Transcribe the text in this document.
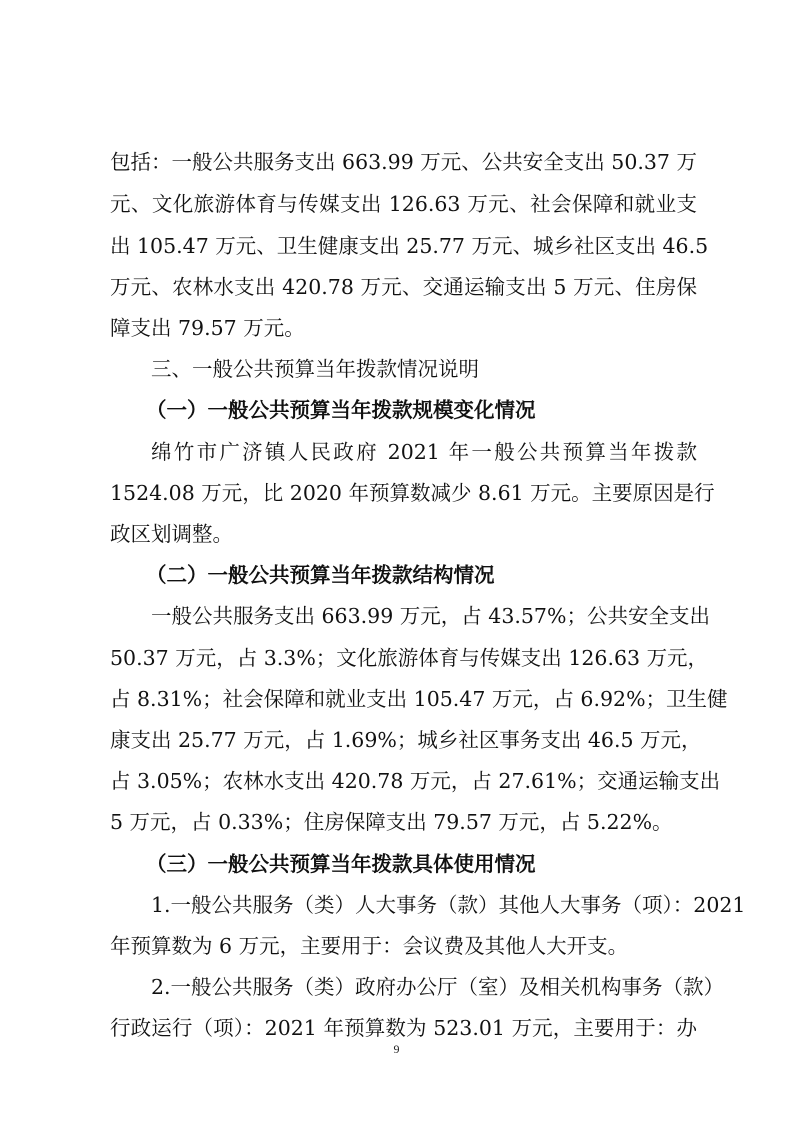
包括：一般公共服务支出 663.99 万元、公共安全支出 50.37 万
元、文化旅游体育与传媒支出 126.63 万元、社会保障和就业支
出 105.47 万元、卫生健康支出 25.77 万元、城乡社区支出 46.5
万元、农林水支出 420.78 万元、交通运输支出 5 万元、住房保
障支出 79.57 万元。
三、一般公共预算当年拨款情况说明
（一）一般公共预算当年拨款规模变化情况
绵竹市广济镇人民政府 2021 年一般公共预算当年拨款
1524.08 万元，比 2020 年预算数减少 8.61 万元。主要原因是行
政区划调整。
（二）一般公共预算当年拨款结构情况
一般公共服务支出 663.99 万元，占 43.57%；公共安全支出
50.37 万元，占 3.3%；文化旅游体育与传媒支出 126.63 万元，
占 8.31%；社会保障和就业支出 105.47 万元，占 6.92%；卫生健
康支出 25.77 万元，占 1.69%；城乡社区事务支出 46.5 万元，
占 3.05%；农林水支出 420.78 万元，占 27.61%；交通运输支出
5 万元，占 0.33%；住房保障支出 79.57 万元，占 5.22%。
（三）一般公共预算当年拨款具体使用情况
1.一般公共服务（类）人大事务（款）其他人大事务（项）：2021
年预算数为 6 万元，主要用于：会议费及其他人大开支。
2.一般公共服务（类）政府办公厅（室）及相关机构事务（款）
行政运行（项）：2021 年预算数为 523.01 万元，主要用于：办
9
